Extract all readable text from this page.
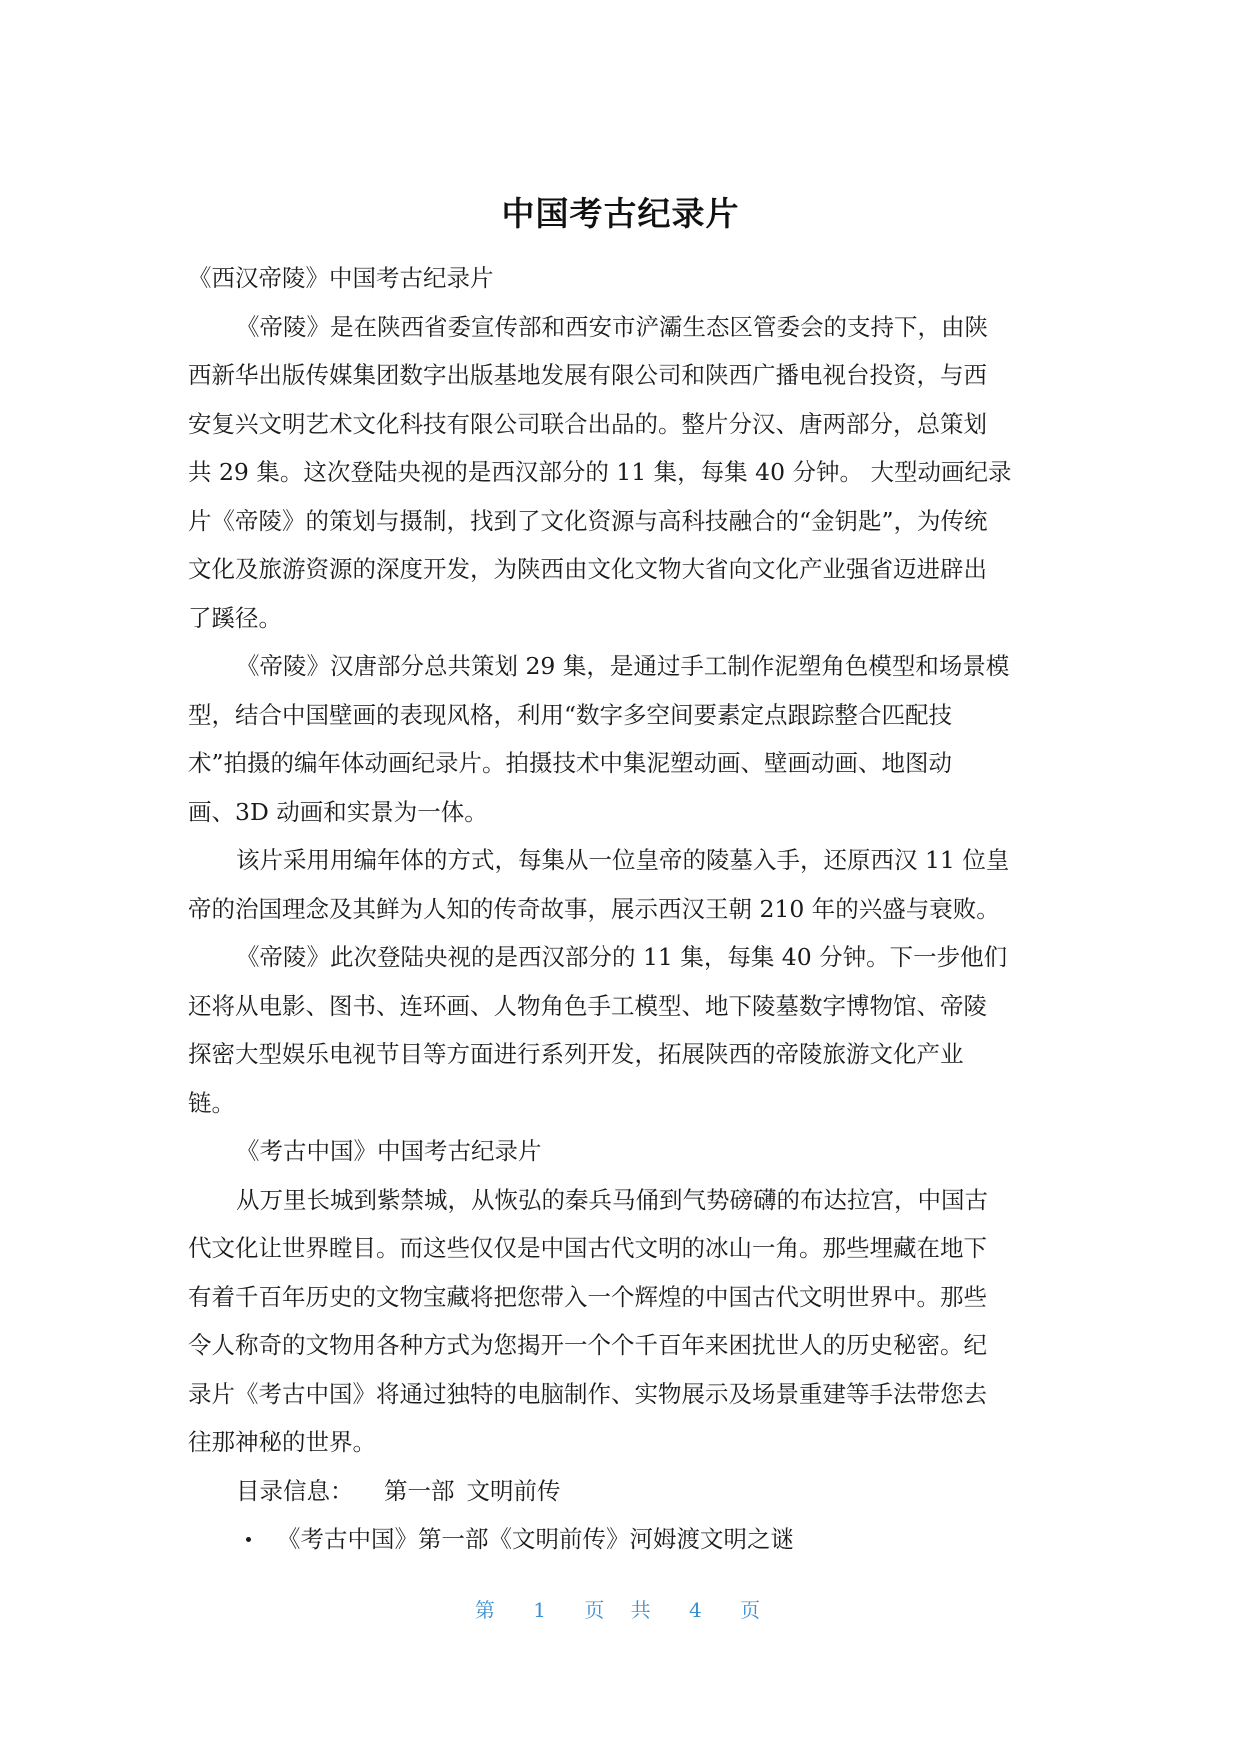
中国考古纪录片
《西汉帝陵》中国考古纪录片
《帝陵》是在陕西省委宣传部和西安市浐灞生态区管委会的支持下，由陕
西新华出版传媒集团数字出版基地发展有限公司和陕西广播电视台投资，与西
安复兴文明艺术文化科技有限公司联合出品的。整片分汉、唐两部分，总策划
共 29 集。这次登陆央视的是西汉部分的 11 集，每集 40 分钟。 大型动画纪录
片《帝陵》的策划与摄制，找到了文化资源与高科技融合的“金钥匙”，为传统
文化及旅游资源的深度开发，为陕西由文化文物大省向文化产业强省迈进辟出
了蹊径。
《帝陵》汉唐部分总共策划 29 集，是通过手工制作泥塑角色模型和场景模
型，结合中国壁画的表现风格，利用“数字多空间要素定点跟踪整合匹配技
术”拍摄的编年体动画纪录片。拍摄技术中集泥塑动画、壁画动画、地图动
画、3D 动画和实景为一体。
该片采用用编年体的方式，每集从一位皇帝的陵墓入手，还原西汉 11 位皇
帝的治国理念及其鲜为人知的传奇故事，展示西汉王朝 210 年的兴盛与衰败。
《帝陵》此次登陆央视的是西汉部分的 11 集，每集 40 分钟。下一步他们
还将从电影、图书、连环画、人物角色手工模型、地下陵墓数字博物馆、帝陵
探密大型娱乐电视节目等方面进行系列开发，拓展陕西的帝陵旅游文化产业
链。
《考古中国》中国考古纪录片
从万里长城到紫禁城，从恢弘的秦兵马俑到气势磅礴的布达拉宫，中国古
代文化让世界瞠目。而这些仅仅是中国古代文明的冰山一角。那些埋藏在地下
有着千百年历史的文物宝藏将把您带入一个辉煌的中国古代文明世界中。那些
令人称奇的文物用各种方式为您揭开一个个千百年来困扰世人的历史秘密。纪
录片《考古中国》将通过独特的电脑制作、实物展示及场景重建等手法带您去
往那神秘的世界。
目录信息：	第一部 文明前传
《考古中国》第一部《文明前传》河姆渡文明之谜
第 1 页 共 4 页
